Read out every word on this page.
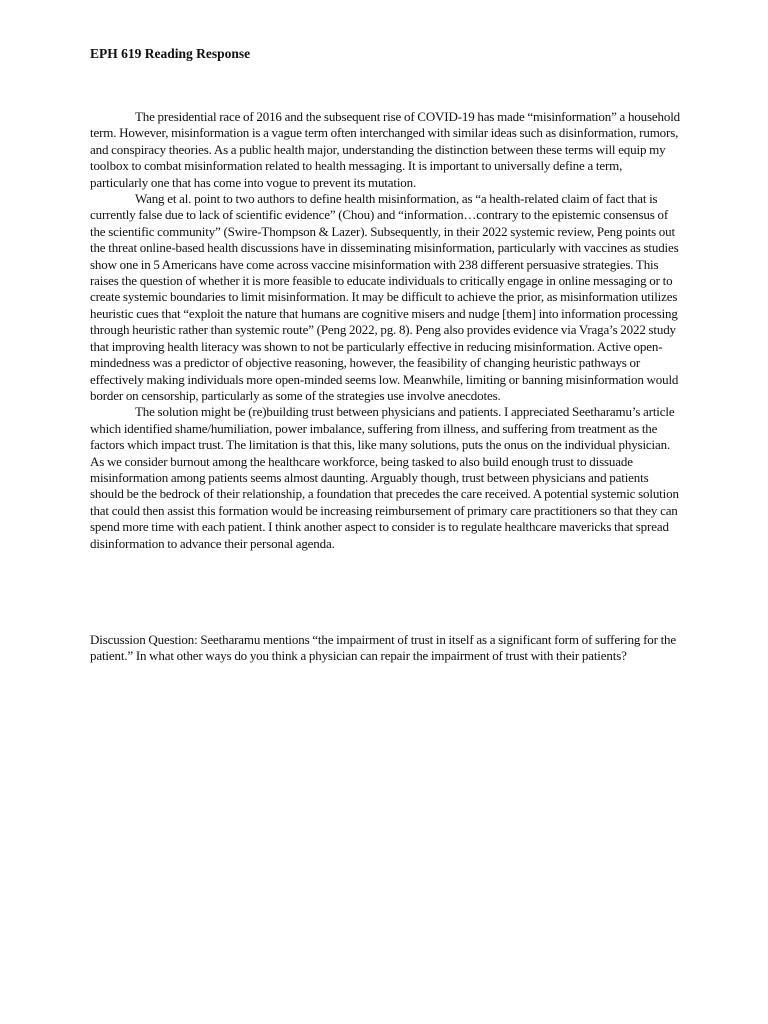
EPH 619 Reading Response

The presidential race of 2016 and the subsequent rise of COVID-19 has made “misinformation” a household term. However, misinformation is a vague term often interchanged with similar ideas such as disinformation, rumors, and conspiracy theories. As a public health major, understanding the distinction between these terms will equip my toolbox to combat misinformation related to health messaging. It is important to universally define a term, particularly one that has come into vogue to prevent its mutation.

Wang et al. point to two authors to define health misinformation, as “a health-related claim of fact that is currently false due to lack of scientific evidence” (Chou) and “information…contrary to the epistemic consensus of the scientific community” (Swire-Thompson & Lazer). Subsequently, in their 2022 systemic review, Peng points out the threat online-based health discussions have in disseminating misinformation, particularly with vaccines as studies show one in 5 Americans have come across vaccine misinformation with 238 different persuasive strategies. This raises the question of whether it is more feasible to educate individuals to critically engage in online messaging or to create systemic boundaries to limit misinformation. It may be difficult to achieve the prior, as misinformation utilizes heuristic cues that “exploit the nature that humans are cognitive misers and nudge [them] into information processing through heuristic rather than systemic route” (Peng 2022, pg. 8). Peng also provides evidence via Vraga’s 2022 study that improving health literacy was shown to not be particularly effective in reducing misinformation. Active open-mindedness was a predictor of objective reasoning, however, the feasibility of changing heuristic pathways or effectively making individuals more open-minded seems low. Meanwhile, limiting or banning misinformation would border on censorship, particularly as some of the strategies use involve anecdotes.

The solution might be (re)building trust between physicians and patients. I appreciated Seetharamu’s article which identified shame/humiliation, power imbalance, suffering from illness, and suffering from treatment as the factors which impact trust. The limitation is that this, like many solutions, puts the onus on the individual physician. As we consider burnout among the healthcare workforce, being tasked to also build enough trust to dissuade misinformation among patients seems almost daunting. Arguably though, trust between physicians and patients should be the bedrock of their relationship, a foundation that precedes the care received. A potential systemic solution that could then assist this formation would be increasing reimbursement of primary care practitioners so that they can spend more time with each patient. I think another aspect to consider is to regulate healthcare mavericks that spread disinformation to advance their personal agenda.

Discussion Question: Seetharamu mentions “the impairment of trust in itself as a significant form of suffering for the patient.” In what other ways do you think a physician can repair the impairment of trust with their patients?
